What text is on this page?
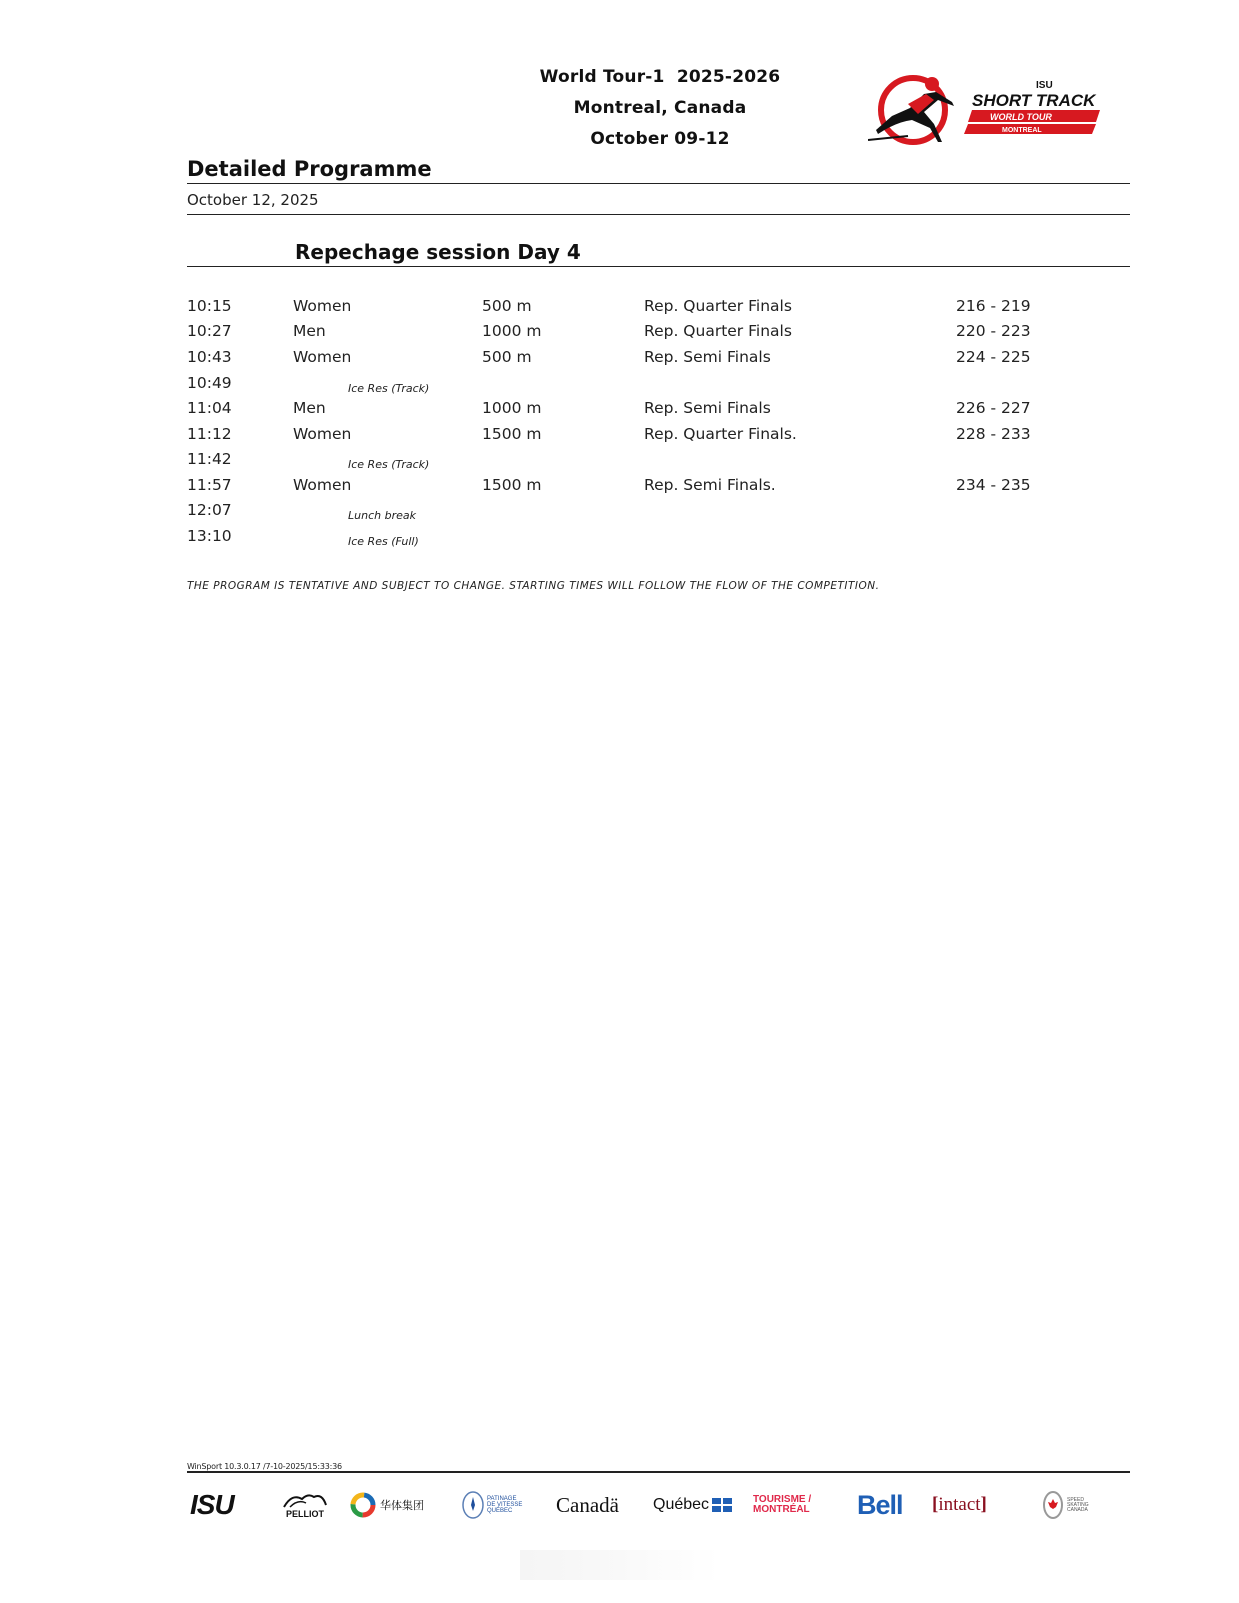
World Tour-1  2025-2026
Montreal, Canada
October 09-12
ISU
SHORT TRACK
WORLD TOUR
MONTREAL
Detailed Programme
October 12, 2025
Repechage session Day 4
10:15	Women	500 m	Rep. Quarter Finals	216 - 219
10:27	Men	1000 m	Rep. Quarter Finals	220 - 223
10:43	Women	500 m	Rep. Semi Finals	224 - 225
10:49	Ice Res (Track)
11:04	Men	1000 m	Rep. Semi Finals	226 - 227
11:12	Women	1500 m	Rep. Quarter Finals.	228 - 233
11:42	Ice Res (Track)
11:57	Women	1500 m	Rep. Semi Finals.	234 - 235
12:07	Lunch break
13:10	Ice Res (Full)
THE PROGRAM IS TENTATIVE AND SUBJECT TO CHANGE. STARTING TIMES WILL FOLLOW THE FLOW OF THE COMPETITION.
WinSport 10.3.0.17 /7-10-2025/15:33:36
ISU	PELLIOT
华体集团	PATINAGE DE VITESSE QUÉBEC	Canadä Québec	TOURISME / MONTRÉAL	Bell [ intact ]	SPEED SKATING CANADA
